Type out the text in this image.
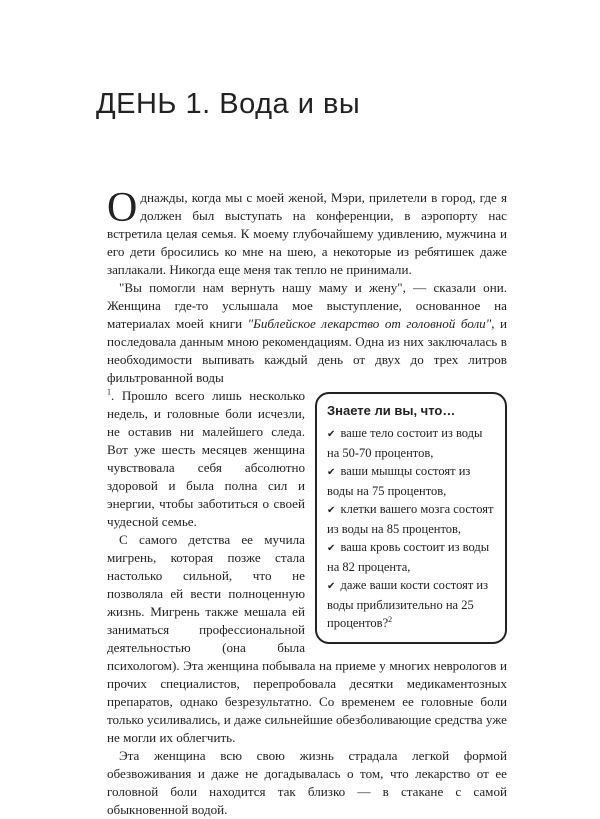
ДЕНЬ 1. Вода и вы

Однажды, когда мы с моей женой, Мэри, прилетели в город, где я должен был выступать на конференции, в аэропорту нас встретила целая семья. К моему глубочайшему удивлению, мужчина и его дети бросились ко мне на шею, а некоторые из ребятишек даже заплакали. Никогда еще меня так тепло не принимали.

"Вы помогли нам вернуть нашу маму и жену", — сказали они. Женщина где-то услышала мое выступление, основанное на материалах моей книги "Библейское лекарство от головной боли", и последовала данным мною рекомендациям. Одна из них заключалась в необходимости выпивать каждый день от двух до трех литров фильтрованной воды

Знаете ли вы, что…
✔ ваше тело состоит из воды на 50-70 процентов,
✔ ваши мышцы состоят из воды на 75 процентов,
✔ клетки вашего мозга состоят из воды на 85 процентов,
✔ ваша кровь состоит из воды на 82 процента,
✔ даже ваши кости состоят из воды приблизительно на 25 процентов?$^2$
$^1$. Прошло всего лишь несколько недель, и головные боли исчезли, не оставив ни малейшего следа. Вот уже шесть месяцев женщина чувствовала себя абсолютно здоровой и была полна сил и энергии, чтобы заботиться о своей чудесной семье.

С самого детства ее мучила мигрень, которая позже стала настолько сильной, что не позволяла ей вести полноценную жизнь. Мигрень также мешала ей заниматься профессиональной деятельностью (она была психологом). Эта женщина побывала на приеме у многих неврологов и прочих специалистов, перепробовала десятки медикаментозных препаратов, однако безрезультатно. Со временем ее головные боли только усиливались, и даже сильнейшие обезболивающие средства уже не могли их облегчить.

Эта женщина всю свою жизнь страдала легкой формой обезвоживания и даже не догадывалась о том, что лекарство от ее головной боли находится так близко — в стакане с самой обыкновенной водой.
